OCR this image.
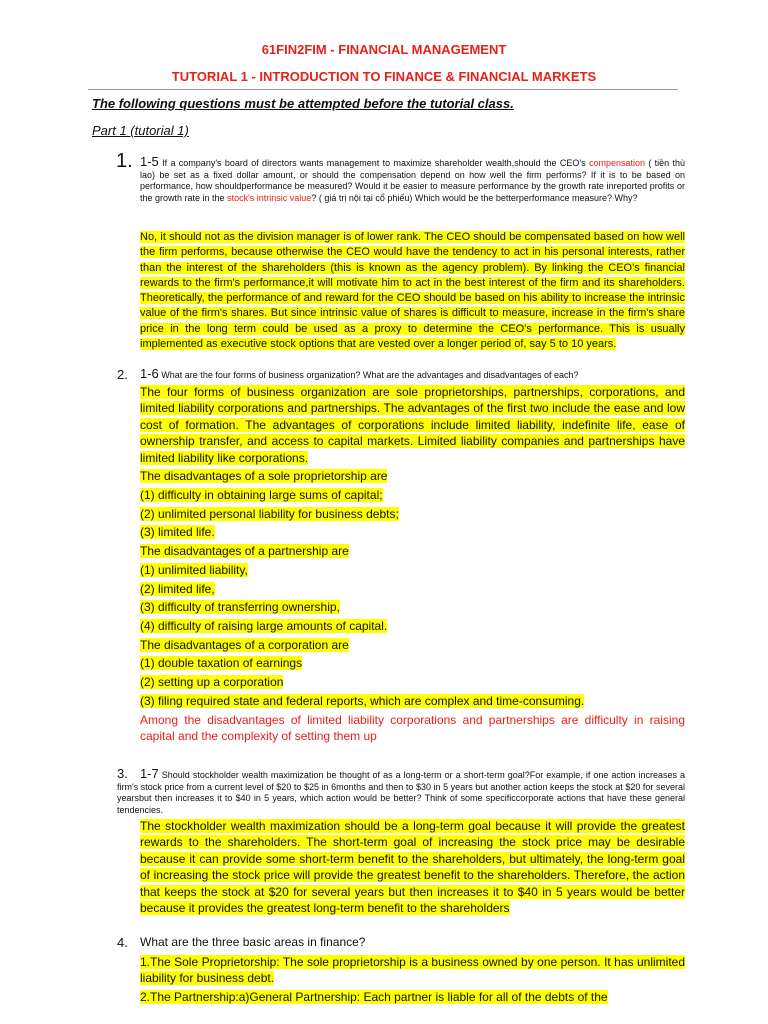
61FIN2FIM - FINANCIAL MANAGEMENT
TUTORIAL 1 - INTRODUCTION TO FINANCE & FINANCIAL MARKETS
The following questions must be attempted before the tutorial class.
Part 1 (tutorial 1)
1. 1-5 If a company's board of directors wants management to maximize shareholder wealth,should the CEO's compensation ( tiền thù lao) be set as a fixed dollar amount, or should the compensation depend on how well the firm performs? If it is to be based on performance, how shouldperformance be measured? Would it be easier to measure performance by the growth rate inreported profits or the growth rate in the stock's intrinsic value? ( giá trị nội tại cổ phiếu) Which would be the betterperformance measure? Why?
No, it should not as the division manager is of lower rank. The CEO should be compensated based on how well the firm performs, because otherwise the CEO would have the tendency to act in his personal interests, rather than the interest of the shareholders (this is known as the agency problem). By linking the CEO's financial rewards to the firm's performance,it will motivate him to act in the best interest of the firm and its shareholders. Theoretically, the performance of and reward for the CEO should be based on his ability to increase the intrinsic value of the firm's shares. But since intrinsic value of shares is difficult to measure, increase in the firm's share price in the long term could be used as a proxy to determine the CEO's performance. This is usually implemented as executive stock options that are vested over a longer period of, say 5 to 10 years.
2. 1-6 What are the four forms of business organization? What are the advantages and disadvantages of each?
The four forms of business organization are sole proprietorships, partnerships, corporations, and limited liability corporations and partnerships. The advantages of the first two include the ease and low cost of formation. The advantages of corporations include limited liability, indefinite life, ease of ownership transfer, and access to capital markets. Limited liability companies and partnerships have limited liability like corporations.
The disadvantages of a sole proprietorship are
(1) difficulty in obtaining large sums of capital;
(2) unlimited personal liability for business debts;
(3) limited life.
The disadvantages of a partnership are
(1) unlimited liability,
(2) limited life,
(3) difficulty of transferring ownership,
(4) difficulty of raising large amounts of capital.
The disadvantages of a corporation are
(1) double taxation of earnings
(2) setting up a corporation
(3) filing required state and federal reports, which are complex and time-consuming.
Among the disadvantages of limited liability corporations and partnerships are difficulty in raising capital and the complexity of setting them up
3. 1-7 Should stockholder wealth maximization be thought of as a long-term or a short-term goal?For example, if one action increases a firm's stock price from a current level of $20 to $25 in 6months and then to $30 in 5 years but another action keeps the stock at $20 for several yearsbut then increases it to $40 in 5 years, which action would be better? Think of some specificcorporate actions that have these general tendencies.
The stockholder wealth maximization should be a long-term goal because it will provide the greatest rewards to the shareholders. The short-term goal of increasing the stock price may be desirable because it can provide some short-term benefit to the shareholders, but ultimately, the long-term goal of increasing the stock price will provide the greatest benefit to the shareholders. Therefore, the action that keeps the stock at $20 for several years but then increases it to $40 in 5 years would be better because it provides the greatest long-term benefit to the shareholders
4. What are the three basic areas in finance?
1.The Sole Proprietorship: The sole proprietorship is a business owned by one person. It has unlimited liability for business debt.
2.The Partnership:a)General Partnership: Each partner is liable for all of the debts of the
